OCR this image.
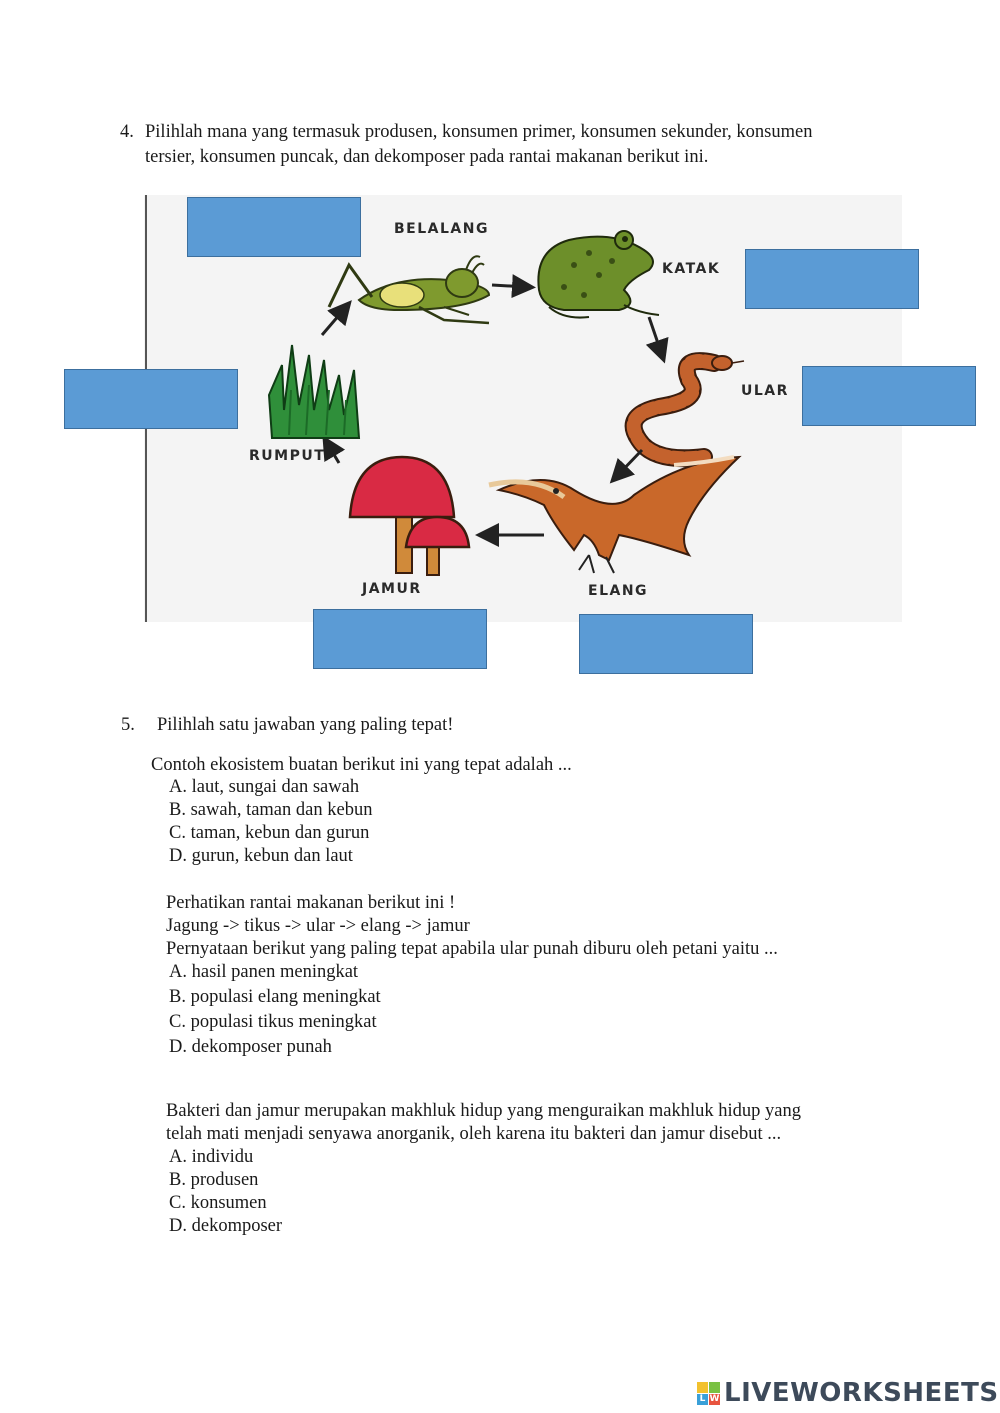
4. Pilihlah mana yang termasuk produsen, konsumen primer, konsumen sekunder, konsumen
tersier, konsumen puncak, dan dekomposer pada rantai makanan berikut ini.
BELALANG
KATAK
ULAR
ELANG
JAMUR
RUMPUT
5. Pilihlah satu jawaban yang paling tepat!
Contoh ekosistem buatan berikut ini yang tepat adalah ...
A. laut, sungai dan sawah
B. sawah, taman dan kebun
C. taman, kebun dan gurun
D. gurun, kebun dan laut
Perhatikan rantai makanan berikut ini !
Jagung -> tikus -> ular -> elang -> jamur
Pernyataan berikut yang paling tepat apabila ular punah diburu oleh petani yaitu ...
A. hasil panen meningkat
B. populasi elang meningkat
C. populasi tikus meningkat
D. dekomposer punah
Bakteri dan jamur merupakan makhluk hidup yang menguraikan makhluk hidup yang
telah mati menjadi senyawa anorganik, oleh karena itu bakteri dan jamur disebut ...
A. individu
B. produsen
C. konsumen
D. dekomposer
L W LIVEWORKSHEETS
